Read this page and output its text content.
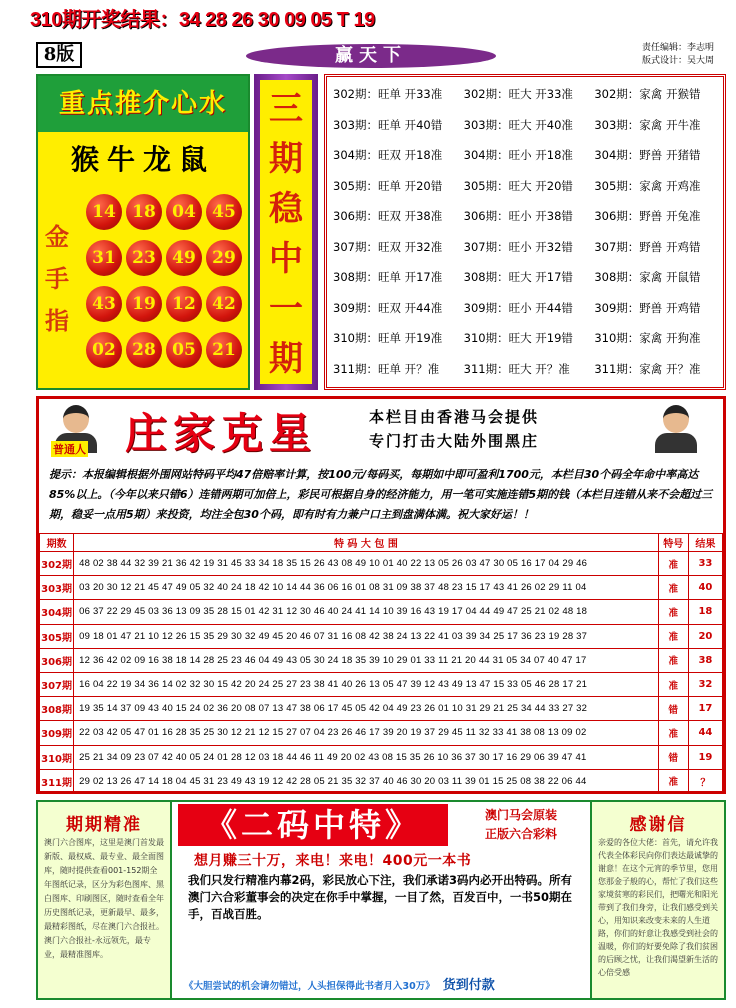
310期开奖结果：34 28 26 30 09 05 T 19
8版	赢天下	责任编辑：李志明
版式设计：吴大周
重点推介心水
猴牛龙鼠
金
手
指
14 18 04 45
31 23 49 29
43 19 12 42
02 28 05 21
三
期
稳
中
一
期
302期：旺单 开33准	302期：旺大 开33准	302期：家禽 开猴错
303期：旺单 开40错	303期：旺大 开40准	303期：家禽 开牛准
304期：旺双 开18准	304期：旺小 开18准	304期：野兽 开猪错
305期：旺单 开20错	305期：旺大 开20错	305期：家禽 开鸡准
306期：旺双 开38准	306期：旺小 开38错	306期：野兽 开兔准
307期：旺双 开32准	307期：旺小 开32错	307期：野兽 开鸡错
308期：旺单 开17准	308期：旺大 开17错	308期：家禽 开鼠错
309期：旺双 开44准	309期：旺小 开44错	309期：野兽 开鸡错
310期：旺单 开19准	310期：旺大 开19错	310期：家禽 开狗准
311期：旺单 开？准	311期：旺大 开？准	311期：家禽 开？准
普通人 庄家克星	本栏目由香港马会提供
专门打击大陆外围黑庄
提示：本报编辑根据外围网站特码平均47倍赔率计算，按100元/每码买，每期如中即可盈利1700元，本栏目30个码全年命中率高达85%以上。（今年以来只错6）连错两期可加倍上，彩民可根据自身的经济能力，用一笔可实施连错5期的钱（本栏目连错从来不会超过三期，稳妥一点用5期）来投资，均注全包30个码，即有时有力兼户口主到盘满体满。祝大家好运！！
期数	特 码 大 包 围	特号	结果
302期	48 02 38 44 32 39 21 36 42 19 31 45 33 34 18 35 15 26 43 08 49 10 01 40 22 13 05 26 03 47 30 05 16 17 04 29 46	准	33
303期	03 20 30 12 21 45 47 49 05 32 40 24 18 42 10 14 44 36 06 16 01 08 31 09 38 37 48 23 15 17 43 41 26 02 29 11 04	准	40
304期	06 37 22 29 45 03 36 13 09 35 28 15 01 42 31 12 30 46 40 24 41 14 10 39 16 43 19 17 04 44 49 47 25 21 02 48 18	准	18
305期	09 18 01 47 21 10 12 26 15 35 29 30 32 49 45 20 46 07 31 16 08 42 38 24 13 22 41 03 39 34 25 17 36 23 19 28 37	准	20
306期	12 36 42 02 09 16 38 18 14 28 25 23 46 04 49 43 05 30 24 18 35 39 10 29 01 33 11 21 20 44 31 05 34 07 40 47 17	准	38
307期	16 04 22 19 34 36 14 02 32 30 15 42 20 24 25 27 23 38 41 40 26 13 05 47 39 12 43 49 13 47 15 33 05 46 28 17 21	准	32
308期	19 35 14 37 09 43 40 15 24 02 36 20 08 07 13 47 38 06 17 45 05 42 04 49 23 26 01 10 31 29 21 25 34 44 33 27 32	错	17
309期	22 03 42 05 47 01 16 28 35 25 30 12 21 12 15 27 07 04 23 26 46 17 39 20 19 37 29 45 11 32 33 41 38 08 13 09 02	准	44
310期	25 21 34 09 23 07 42 40 05 24 01 28 12 03 18 44 46 11 49 20 02 43 08 15 35 26 10 36 37 30 17 16 29 06 39 47 41	错	19
311期	29 02 13 26 47 14 18 04 45 31 23 49 43 19 12 42 28 05 21 35 32 37 40 46 30 20 03 11 39 01 15 25 08 38 22 06 44	准	？
期期精准

澳门六合图库，这里是澳门首发最新版、最权威、最专业、最全面图库，随时提供查看001-152期全年图纸记录，区分为彩色图库、黑白图库、印刷图区，随时查看全年历史图纸记录，更新最早、最多，最精彩图纸，尽在澳门六合报社。澳门六合报社-永远领先，最专业，最精准图库。

《二码中特》	澳门马会原装
正版六合彩料
想月赚三十万，来电！来电！400元一本书
我们只发行精准内幕2码，彩民放心下注，我们承诺3码内必开出特码。所有澳门六合彩董事会的决定在你手中掌握，一目了然，百发百中，一书50期在手，百战百胜。
《大胆尝试的机会请勿错过，人头担保得此书者月入30万》 货到付款
感谢信

亲爱的各位大佬：首先，请允许我代表全体彩民向你们表达最诚挚的谢意！在这个元宵的季节里，您用您那金子般的心，帮忙了我们这些家境贫寒的彩民们，把曙光和阳光带到了我们身旁，让我们感受到关心，用知识来改变未来的人生道路，你们的好意让我感受到社会的温暖，你们的好要免除了我们贫困的后顾之忧，让我们渴望新生活的心倍受感
